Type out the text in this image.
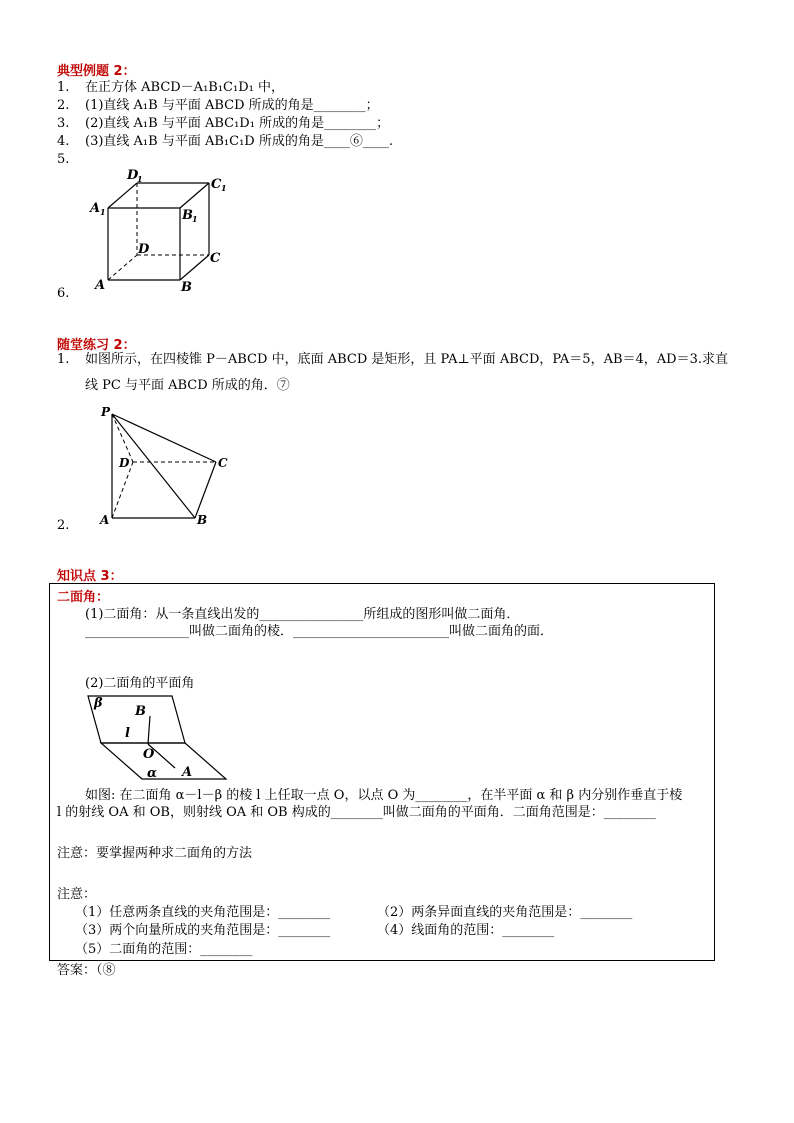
典型例题 2：
1. 在正方体 ABCD－A₁B₁C₁D₁ 中，
2. (1)直线 A₁B 与平面 ABCD 所成的角是________；
3. (2)直线 A₁B 与平面 ABC₁D₁ 所成的角是________；
4. (3)直线 A₁B 与平面 AB₁C₁D 所成的角是____⑥____.
5.
A	B
C
D
A 1	B 1
C 1
D
1
6.
随堂练习 2：
1. 如图所示，在四棱锥 P－ABCD 中，底面 ABCD 是矩形，且 PA⊥平面 ABCD，PA＝5，AB＝4，AD＝3.求直
线 PC 与平面 ABCD 所成的角．⑦
P
A	B
C
D
2.
知识点 3：
二面角：
(1)二面角：从一条直线出发的________________所组成的图形叫做二面角．
________________叫做二面角的棱．________________________叫做二面角的面．
(2)二面角的平面角
β
B
l
O
A
α
如图: 在二面角 α－l－β 的棱 l 上任取一点 O，以点 O 为________，在半平面 α 和 β 内分别作垂直于棱
l 的射线 OA 和 OB，则射线 OA 和 OB 构成的________叫做二面角的平面角．二面角范围是：________
注意：要掌握两种求二面角的方法
注意：
（1）任意两条直线的夹角范围是：________	（2）两条异面直线的夹角范围是：________
（3）两个向量所成的夹角范围是：________	（4）线面角的范围：________
（5）二面角的范围：________
答案：（⑧
